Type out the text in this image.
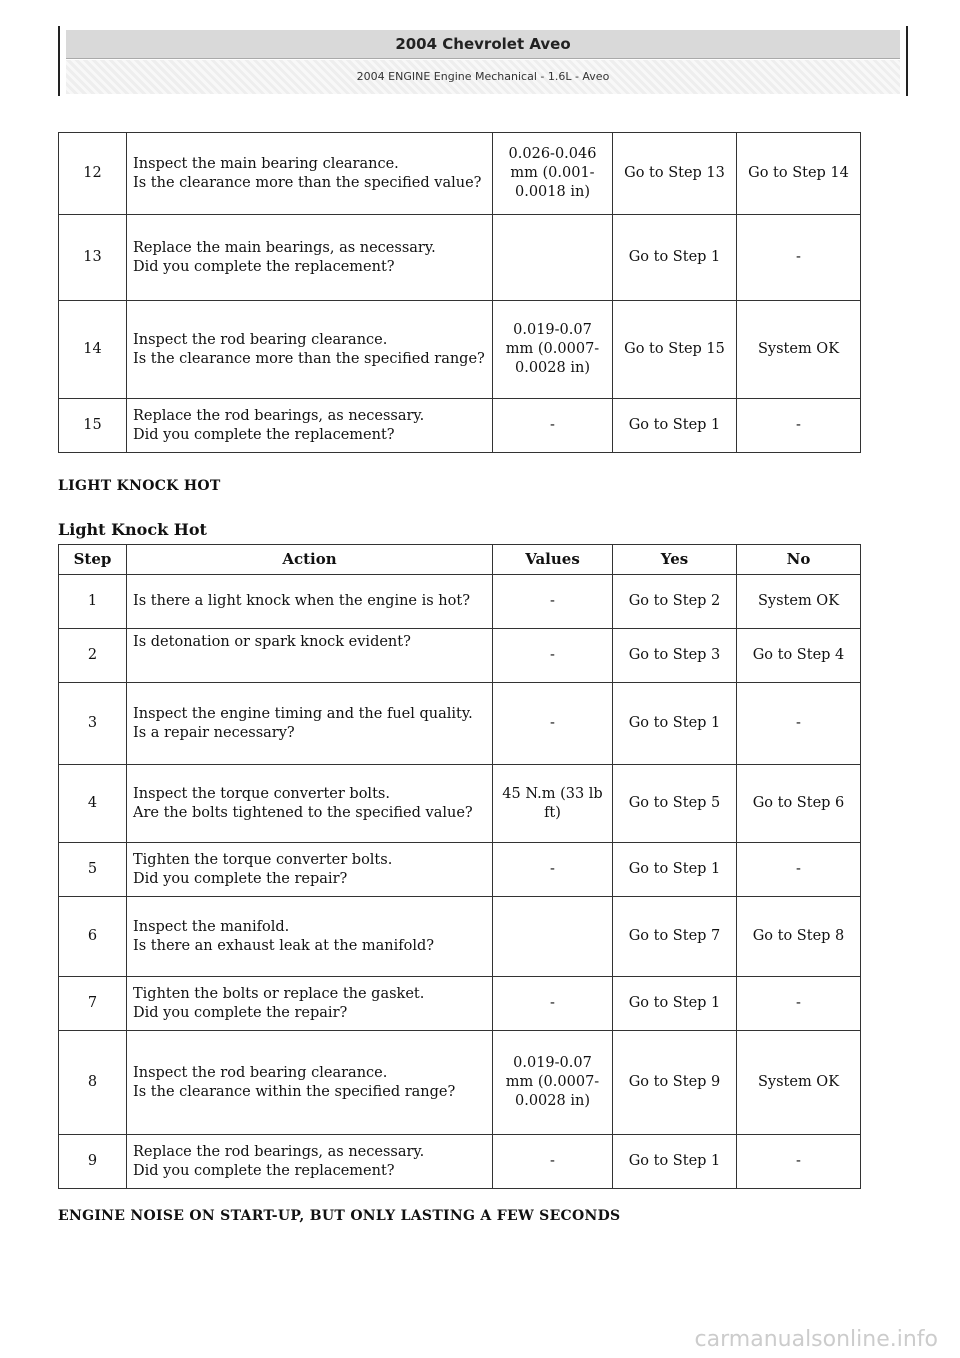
2004 Chevrolet Aveo
2004 ENGINE Engine Mechanical - 1.6L - Aveo
12	Inspect the main bearing clearance.
Is the clearance more than the specified value?	0.026-0.046 mm (0.001-0.0018 in)	Go to Step 13	Go to Step 14
13	Replace the main bearings, as necessary.
Did you complete the replacement?		Go to Step 1	-
14	Inspect the rod bearing clearance.
Is the clearance more than the specified range?	0.019-0.07 mm (0.0007-0.0028 in)	Go to Step 15	System OK
15	Replace the rod bearings, as necessary.
Did you complete the replacement?	-	Go to Step 1	-
LIGHT KNOCK HOT
Light Knock Hot
Step	Action	Values	Yes	No
1	Is there a light knock when the engine is hot?	-	Go to Step 2	System OK
2	Is detonation or spark knock evident?	-	Go to Step 3	Go to Step 4
3	Inspect the engine timing and the fuel quality.
Is a repair necessary?	-	Go to Step 1	-
4	Inspect the torque converter bolts.
Are the bolts tightened to the specified value?	45 N.m (33 lb ft)	Go to Step 5	Go to Step 6
5	Tighten the torque converter bolts.
Did you complete the repair?	-	Go to Step 1	-
6	Inspect the manifold.
Is there an exhaust leak at the manifold?		Go to Step 7	Go to Step 8
7	Tighten the bolts or replace the gasket.
Did you complete the repair?	-	Go to Step 1	-
8	Inspect the rod bearing clearance.
Is the clearance within the specified range?	0.019-0.07 mm (0.0007-0.0028 in)	Go to Step 9	System OK
9	Replace the rod bearings, as necessary.
Did you complete the replacement?	-	Go to Step 1	-
ENGINE NOISE ON START-UP, BUT ONLY LASTING A FEW SECONDS
carmanualsonline.info
